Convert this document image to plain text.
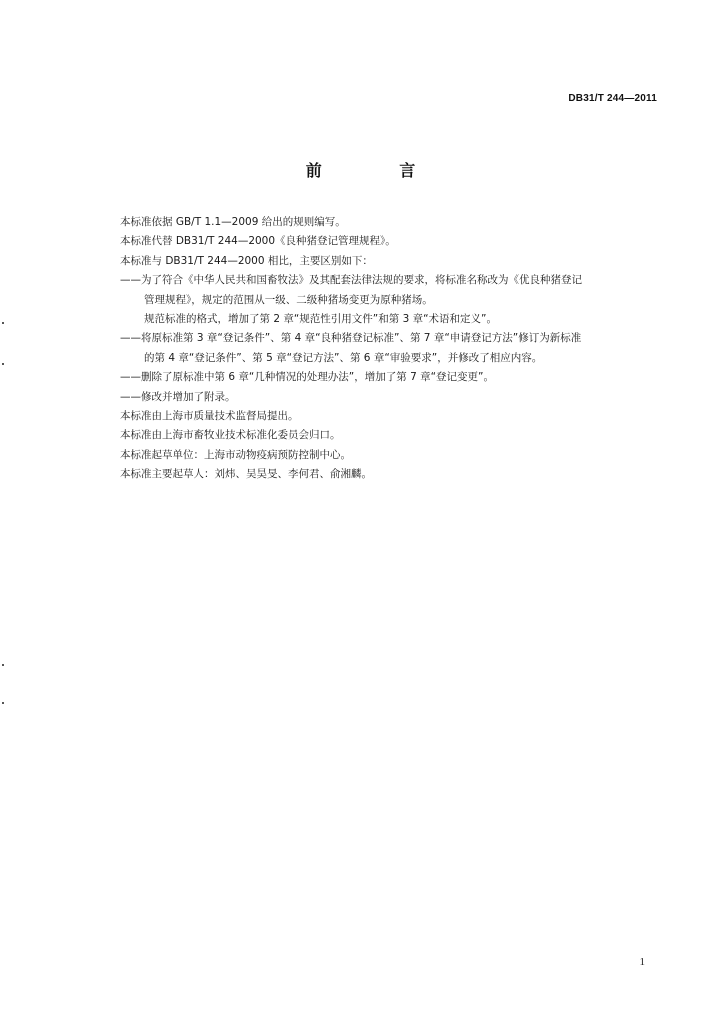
DB31/T 244—2011
前 言
本标准依据 GB/T 1.1—2009 给出的规则编写。
本标准代替 DB31/T 244—2000《良种猪登记管理规程》。
本标准与 DB31/T 244—2000 相比，主要区别如下：
——为了符合《中华人民共和国畜牧法》及其配套法律法规的要求，将标准名称改为《优良种猪登记
管理规程》，规定的范围从一级、二级种猪场变更为原种猪场。
规范标准的格式，增加了第 2 章“规范性引用文件”和第 3 章“术语和定义”。
——将原标准第 3 章“登记条件”、第 4 章“良种猪登记标准”、第 7 章“申请登记方法”修订为新标准
的第 4 章“登记条件”、第 5 章“登记方法”、第 6 章“审验要求”，并修改了相应内容。
——删除了原标准中第 6 章“几种情况的处理办法”，增加了第 7 章“登记变更”。
——修改并增加了附录。
本标准由上海市质量技术监督局提出。
本标准由上海市畜牧业技术标准化委员会归口。
本标准起草单位：上海市动物疫病预防控制中心。
本标准主要起草人：刘炜、吴昊旻、李何君、俞湘麟。
1
